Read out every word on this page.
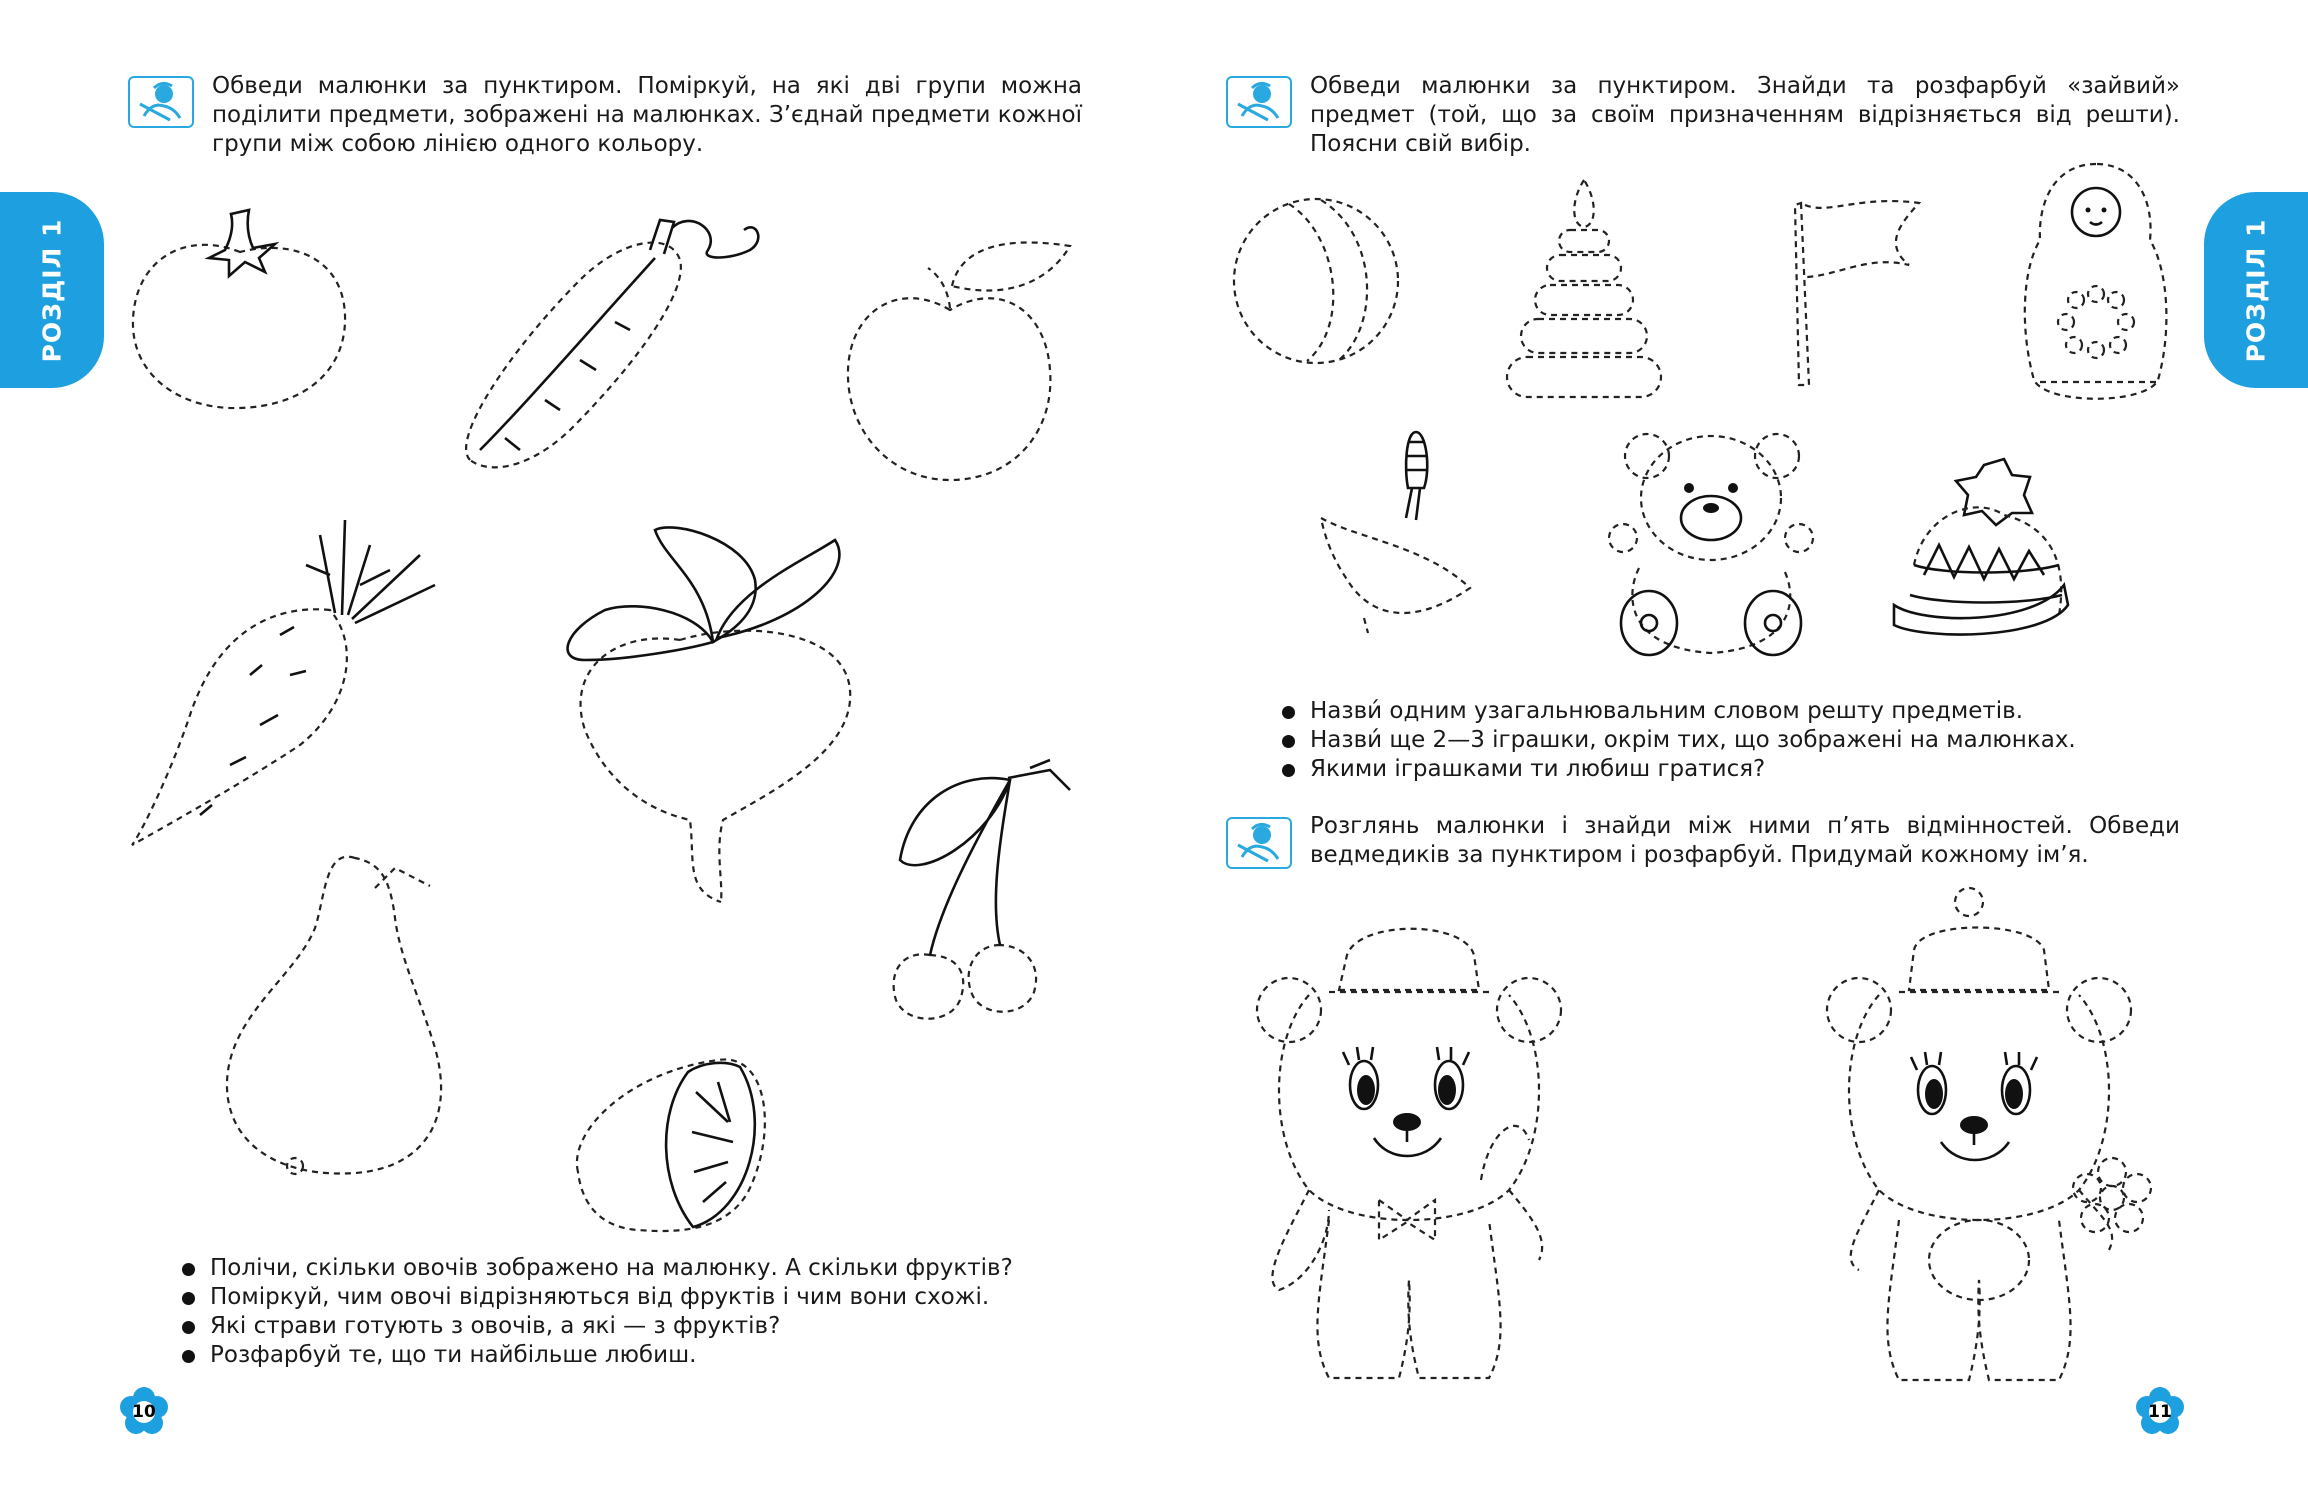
Обведи малюнки за пунктиром. Поміркуй, на які дві групи можна поділити предмети, зображені на малюнках. З’єднай предмети кожної групи між собою лінією одного кольору.

РОЗДІЛ 1
Полічи, скільки овочів зображено на малюнку. А скільки фруктів?
Поміркуй, чим овочі відрізняються від фруктів і чим вони схожі.
Які страви готують з овочів, а які — з фруктів?
Розфарбуй те, що ти найбільше любиш.
10

Обведи малюнки за пунктиром. Знайди та розфарбуй «зайвий» предмет (той, що за своїм призначенням відрізняється від решти). Поясни свій вибір.

РОЗДІЛ 1
Назви́ одним узагальнювальним словом решту предметів.
Назви́ ще 2—3 іграшки, окрім тих, що зображені на малюнках.
Якими іграшками ти любиш гратися?

Розглянь малюнки і знайди між ними п’ять відмінностей. Обведи ведмедиків за пунктиром і розфарбуй. Придумай кожному ім’я.

11
